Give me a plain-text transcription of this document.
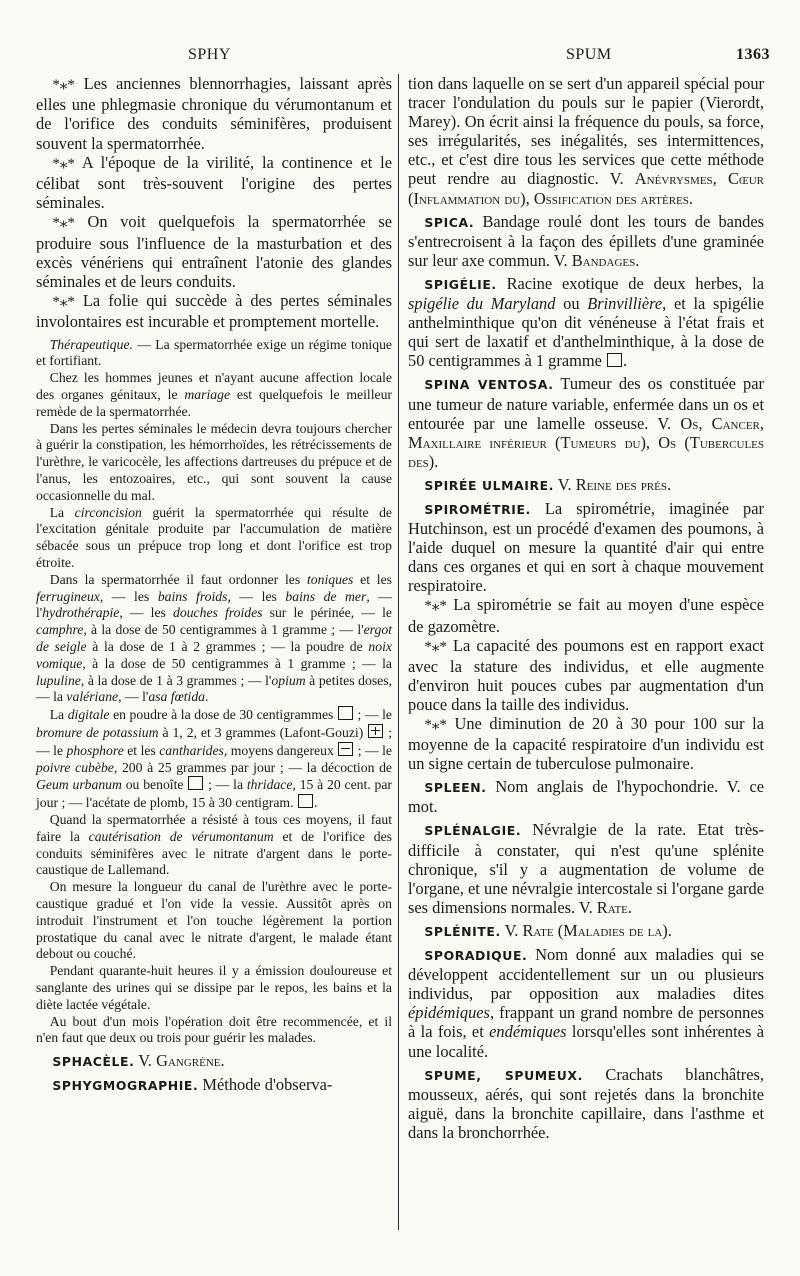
SPHY	SPUM	1363

*⁎* Les anciennes blennorrhagies, laissant après elles une phlegmasie chronique du vérumontanum et de l'orifice des conduits séminifères, produisent souvent la spermatorrhée.

*⁎* A l'époque de la virilité, la continence et le célibat sont très-souvent l'origine des pertes séminales.

*⁎* On voit quelquefois la spermatorrhée se produire sous l'influence de la masturbation et des excès vénériens qui entraînent l'atonie des glandes séminales et de leurs conduits.

*⁎* La folie qui succède à des pertes séminales involontaires est incurable et promptement mortelle.

Thérapeutique. — La spermatorrhée exige un régime tonique et fortifiant.

Chez les hommes jeunes et n'ayant aucune affection locale des organes génitaux, le mariage est quelquefois le meilleur remède de la spermatorrhée.

Dans les pertes séminales le médecin devra toujours chercher à guérir la constipation, les hémorrhoïdes, les rétrécissements de l'urèthre, le varicocèle, les affections dartreuses du prépuce et de l'anus, les entozoaires, etc., qui sont souvent la cause occasionnelle du mal.

La circoncision guérit la spermatorrhée qui résulte de l'excitation génitale produite par l'accumulation de matière sébacée sous un prépuce trop long et dont l'orifice est trop étroite.

Dans la spermatorrhée il faut ordonner les toniques et les ferrugineux, — les bains froids, — les bains de mer, — l'hydrothérapie, — les douches froides sur le périnée, — le camphre, à la dose de 50 centigrammes à 1 gramme ; — l'ergot de seigle à la dose de 1 à 2 grammes ; — la poudre de noix vomique, à la dose de 50 centigrammes à 1 gramme ; — la lupuline, à la dose de 1 à 3 grammes ; — l'opium à petites doses, — la valériane, — l'asa fœtida.

La digitale en poudre à la dose de 30 centigrammes  ; — le bromure de potassium à 1, 2, et 3 grammes (Lafont-Gouzi)  ; — le phosphore et les cantharides, moyens dangereux  ; — le poivre cubèbe, 200 à 25 grammes par jour ; — la décoction de Geum urbanum ou benoîte  ; — la thridace, 15 à 20 cent. par jour ; — l'acétate de plomb, 15 à 30 centigram. .

Quand la spermatorrhée a résisté à tous ces moyens, il faut faire la cautérisation de vérumontanum et de l'orifice des conduits séminifères avec le nitrate d'argent dans le porte-caustique de Lallemand.

On mesure la longueur du canal de l'urèthre avec le porte-caustique gradué et l'on vide la vessie. Aussitôt après on introduit l'instrument et l'on touche légèrement la portion prostatique du canal avec le nitrate d'argent, le malade étant debout ou couché.

Pendant quarante-huit heures il y a émission douloureuse et sanglante des urines qui se dissipe par le repos, les bains et la diète lactée végétale.

Au bout d'un mois l'opération doit être recommencée, et il n'en faut que deux ou trois pour guérir les malades.

SPHACÈLE. V. Gangrène.

SPHYGMOGRAPHIE. Méthode d'observa-

tion dans laquelle on se sert d'un appareil spécial pour tracer l'ondulation du pouls sur le papier (Vierordt, Marey). On écrit ainsi la fréquence du pouls, sa force, ses irrégularités, ses inégalités, ses intermittences, etc., et c'est dire tous les services que cette méthode peut rendre au diagnostic. V. Anévrysmes, Cœur (Inflammation du), Ossification des artères.

SPICA. Bandage roulé dont les tours de bandes s'entrecroisent à la façon des épillets d'une graminée sur leur axe commun. V. Bandages.

SPIGÉLIE. Racine exotique de deux herbes, la spigélie du Maryland ou Brinvillière, et la spigélie anthelminthique qu'on dit vénéneuse à l'état frais et qui sert de laxatif et d'anthelminthique, à la dose de 50 centigrammes à 1 gramme .

SPINA VENTOSA. Tumeur des os constituée par une tumeur de nature variable, enfermée dans un os et entourée par une lamelle osseuse. V. Os, Cancer, Maxillaire inférieur (Tumeurs du), Os (Tubercules des).

SPIRÉE ULMAIRE. V. Reine des prés.

SPIROMÉTRIE. La spirométrie, imaginée par Hutchinson, est un procédé d'examen des poumons, à l'aide duquel on mesure la quantité d'air qui entre dans ces organes et qui en sort à chaque mouvement respiratoire.

*⁎* La spirométrie se fait au moyen d'une espèce de gazomètre.

*⁎* La capacité des poumons est en rapport exact avec la stature des individus, et elle augmente d'environ huit pouces cubes par augmentation d'un pouce dans la taille des individus.

*⁎* Une diminution de 20 à 30 pour 100 sur la moyenne de la capacité respiratoire d'un individu est un signe certain de tuberculose pulmonaire.

SPLEEN. Nom anglais de l'hypochondrie. V. ce mot.

SPLÉNALGIE. Névralgie de la rate. Etat très-difficile à constater, qui n'est qu'une splénite chronique, s'il y a augmentation de volume de l'organe, et une névralgie intercostale si l'organe garde ses dimensions normales. V. Rate.

SPLÉNITE. V. Rate (Maladies de la).

SPORADIQUE. Nom donné aux maladies qui se développent accidentellement sur un ou plusieurs individus, par opposition aux maladies dites épidémiques, frappant un grand nombre de personnes à la fois, et endémiques lorsqu'elles sont inhérentes à une localité.

SPUME, SPUMEUX. Crachats blanchâtres, mousseux, aérés, qui sont rejetés dans la bronchite aiguë, dans la bronchite capillaire, dans l'asthme et dans la bronchorrhée.
